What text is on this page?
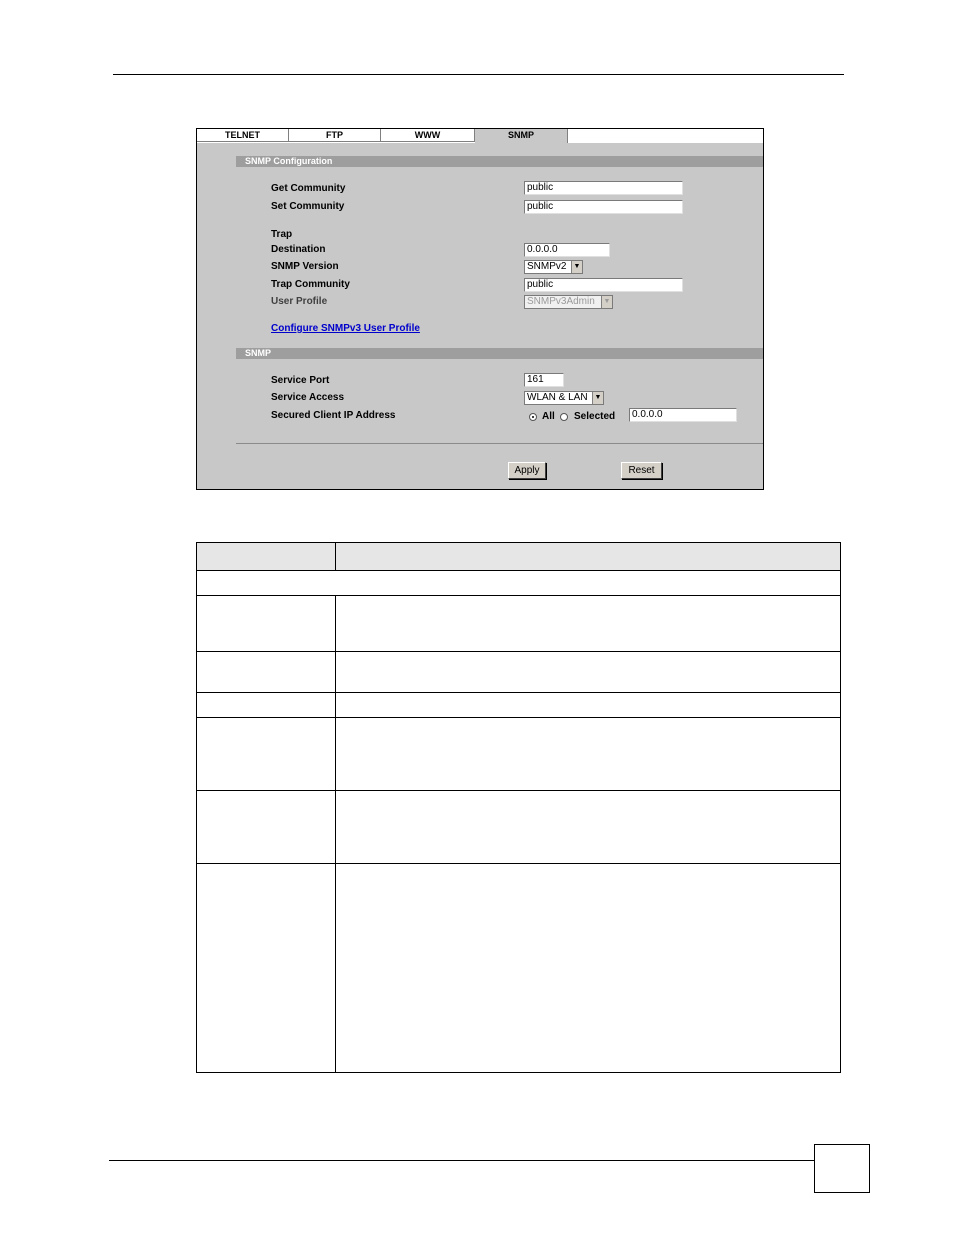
TELNET	FTP	WWW	SNMP
SNMP Configuration
Get Community	public
Set Community	public
Trap
Destination	0.0.0.0
SNMP Version	SNMPv2	▼
Trap Community	public
User Profile	SNMPv3Admin	▼
Configure SNMPv3 User Profile
SNMP
Service Port	161
Service Access	WLAN & LAN ▼
Secured Client IP Address	All Selected	0.0.0.0
Apply	Reset
